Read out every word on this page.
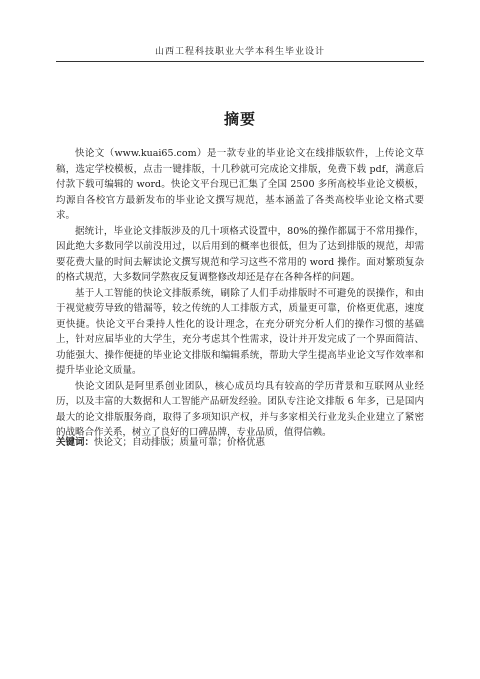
山西工程科技职业大学本科生毕业设计
摘要

快论文（www.kuai65.com）是一款专业的毕业论文在线排版软件，上传论文草稿，选定学校模板，点击一键排版，十几秒就可完成论文排版，免费下载 pdf，满意后付款下载可编辑的 word。快论文平台现已汇集了全国 2500 多所高校毕业论文模板，均源自各校官方最新发布的毕业论文撰写规范，基本涵盖了各类高校毕业论文格式要求。

据统计，毕业论文排版涉及的几十项格式设置中，80%的操作都属于不常用操作，因此绝大多数同学以前没用过，以后用到的概率也很低，但为了达到排版的规范，却需要花费大量的时间去解读论文撰写规范和学习这些不常用的 word 操作。面对繁琐复杂的格式规范，大多数同学熬夜反复调整修改却还是存在各种各样的问题。

基于人工智能的快论文排版系统，刷除了人们手动排版时不可避免的误操作，和由于视觉疲劳导致的错漏等，较之传统的人工排版方式，质量更可靠，价格更优惠，速度更快捷。快论文平台秉持人性化的设计理念，在充分研究分析人们的操作习惯的基础上，针对应届毕业的大学生，充分考虑其个性需求，设计并开发完成了一个界面简洁、功能强大、操作便捷的毕业论文排版和编辑系统，帮助大学生提高毕业论文写作效率和提升毕业论文质量。

快论文团队是阿里系创业团队，核心成员均具有较高的学历背景和互联网从业经历，以及丰富的大数据和人工智能产品研发经验。团队专注论文排版 6 年多，已是国内最大的论文排版服务商，取得了多项知识产权，并与多家相关行业龙头企业建立了紧密的战略合作关系，树立了良好的口碑品牌，专业品质，值得信赖。

关键词：快论文；自动排版；质量可靠；价格优惠
